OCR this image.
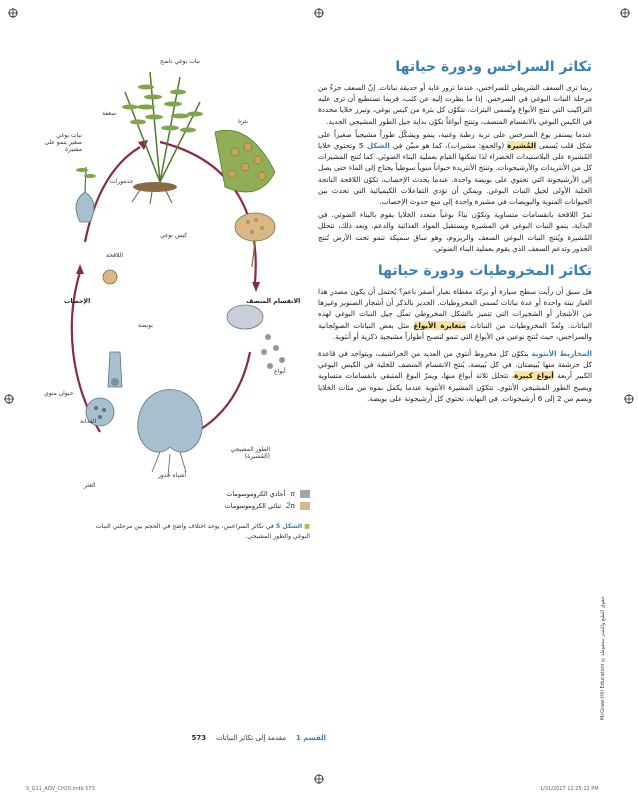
تكاثر السراخس ودورة حياتها

ربما ترى السعف الشريطي للسراخس، عندما تزور غابة أو حديقة نباتات. إنّ السعف جزءٌ من مرحلة النبات البوغي في السرخس. إذا ما نظرت إليه عن كثب، فربما تستطيع أن ترى عليه التراكيب التي تنتج الأبواغ وتُسمى البثرات. تتكوّن كل بثرة من كيس بوغي، وتبرز خلايا محددة في الكيس البوغي بالانقسام المنصف، وتنتج أبواغاً تكوّن بداية جيل الطور المشيجي الجديد.

عندما يستقر بوغ السرخس على تربة رطبة وغنية، ينمو ويشكّل طوراً مشيجياً صغيراً على شكل قلب يُسمى المُشيرة (والجمع: مشيرات)، كما هو مبيّن في الشكل 5 وتحتوي خلايا المُشيرة على البلاستيدات الخضراء لذا تمكنها القيام بعملية البناء الضوئي. كما تُنتج المشيرات كل من الأنثريدات والأرشيجونات. وتنتج الأنثريدة حيواناً منوياً سوطياً يحتاج إلى الماء حتى يصل إلى الأرشيجونة التي تحتوي على بويضة واحدة. عندما يحدث الإخصاب، تكوّن اللاقحة الناتجة الخلية الأولى لجيل النبات البوغي. ويمكن أن تؤدي التفاعلات الكيميائية التي تحدث بين الحيوانات المنوية والبويضات في مشيرة واحدة إلى منع حدوث الإخصاب.

تمرّ اللاقحة بانقسامات متساوية وتكوّن بناءً بوغياً متعدد الخلايا يقوم بالبناء الضوئي. في البداية، ينمو النبات البوغي في المشيرة ويستقبل المواد الغذائية والدعم. وبعد ذلك، تتحلل المُشيرة ويُنتج النبات البوغي السعف والريزوم، وهو ساق سميكة تنمو تحت الأرض تُنتج الجذور وتدعم السعف الذي يقوم بعملية البناء الضوئي.

تكاثر المخروطيات ودورة حياتها

هل سبق أن رأيت سطح سيارة أو بركة مغطاة بغبار أصفر ناعم؟ يُحتمل أن يكون مصدر هذا الغبار نبتة واحدة أو عدة نباتات تُسمى المخروطيات. الجدير بالذكر أن أشجار الصنوبر وغيرها من الأشجار أو الشجيرات التي تتميز بالشكل المخروطي تمثّل جيل النبات البوغي لهذه النباتات. وتُعدّ المخروطيات من النباتات متغايرة الأبواغ مثل بعض النباتات الصولجانية والسراخس، حيث تُنتج نوعين من الأبواغ التي تنمو لتصبح أطواراً مشيجية ذكرية أو أنثوية.

المخاريط الأنثوية يتكوّن كل مخروط أنثوي من العديد من الحراشيف، ويتواجد في قاعدة كل حرشفة منها بُييضتان. في كل بُييضة، يُنتج الانقسام المنصف للخلية في الكيس البوغي الكبير أربعة أبواغ كبيرة، تتحلل ثلاثة أبواغ منها، ويمرّ البوغ المتبقي بانقسامات متساوية ويصبح الطور المشيجي الأنثوي. تتكوّن المشيرة الأنثوية عندما يكمل نموه من مئات الخلايا ويضم من 2 إلى 6 أرشيجونات. في النهاية، تحتوي كل أرشيجونة على بويضة.

نبات بوغي ناضج
سعفة
بثرة
نبات بوغي صغير ينمو على مشيرة
جذمورات
كيس بوغي
اللاقحة
الإخصاب	الانقسام المنصف
بويضة
أبواغ
حيوان منوي
الفدانة
العثر
الطور المشيجي (المُشيرة)
أشباه جذور
n
أحادي الكروموسومات
2n
ثنائي الكروموسومات
■ الشكل 5 في تكاثر السراخس، يوجد اختلاف واضح في الحجم بين مرحلتي النبات البوغي والطور المشيجي.
القسم 1
مقدمة إلى تكاثر النباتات
573
McGraw-Hill Education ©حقوق الطبع والنشر محفوظة
S_G11_ADV_CH20.indb 573	1/31/2017 12:25:12 PM
